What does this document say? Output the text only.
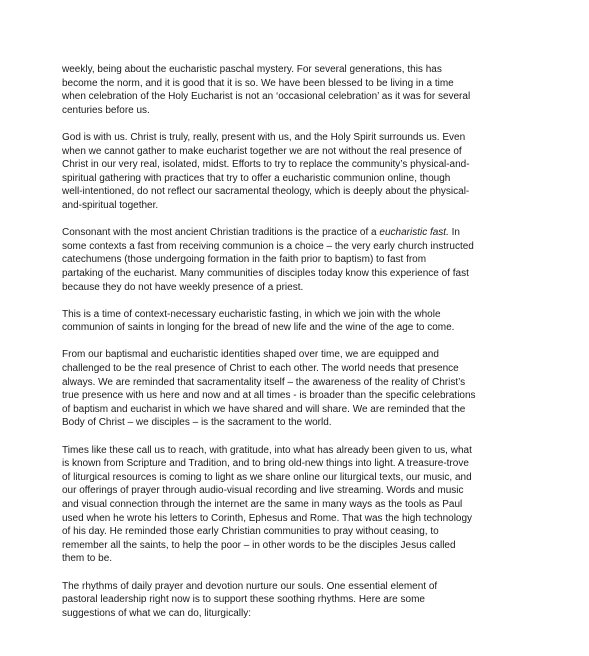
weekly, being about the eucharistic paschal mystery. For several generations, this has
become the norm, and it is good that it is so. We have been blessed to be living in a time
when celebration of the Holy Eucharist is not an ‘occasional celebration’ as it was for several
centuries before us.
God is with us. Christ is truly, really, present with us, and the Holy Spirit surrounds us. Even
when we cannot gather to make eucharist together we are not without the real presence of
Christ in our very real, isolated, midst. Efforts to try to replace the community’s physical-and-
spiritual gathering with practices that try to offer a eucharistic communion online, though
well-intentioned, do not reflect our sacramental theology, which is deeply about the physical-
and-spiritual together.
Consonant with the most ancient Christian traditions is the practice of a eucharistic fast. In
some contexts a fast from receiving communion is a choice – the very early church instructed
catechumens (those undergoing formation in the faith prior to baptism) to fast from
partaking of the eucharist. Many communities of disciples today know this experience of fast
because they do not have weekly presence of a priest.
This is a time of context-necessary eucharistic fasting, in which we join with the whole
communion of saints in longing for the bread of new life and the wine of the age to come.
From our baptismal and eucharistic identities shaped over time, we are equipped and
challenged to be the real presence of Christ to each other. The world needs that presence
always. We are reminded that sacramentality itself – the awareness of the reality of Christ’s
true presence with us here and now and at all times - is broader than the specific celebrations
of baptism and eucharist in which we have shared and will share. We are reminded that the
Body of Christ – we disciples – is the sacrament to the world.
Times like these call us to reach, with gratitude, into what has already been given to us, what
is known from Scripture and Tradition, and to bring old-new things into light. A treasure-trove
of liturgical resources is coming to light as we share online our liturgical texts, our music, and
our offerings of prayer through audio-visual recording and live streaming. Words and music
and visual connection through the internet are the same in many ways as the tools as Paul
used when he wrote his letters to Corinth, Ephesus and Rome. That was the high technology
of his day. He reminded those early Christian communities to pray without ceasing, to
remember all the saints, to help the poor – in other words to be the disciples Jesus called
them to be.
The rhythms of daily prayer and devotion nurture our souls. One essential element of
pastoral leadership right now is to support these soothing rhythms. Here are some
suggestions of what we can do, liturgically:
